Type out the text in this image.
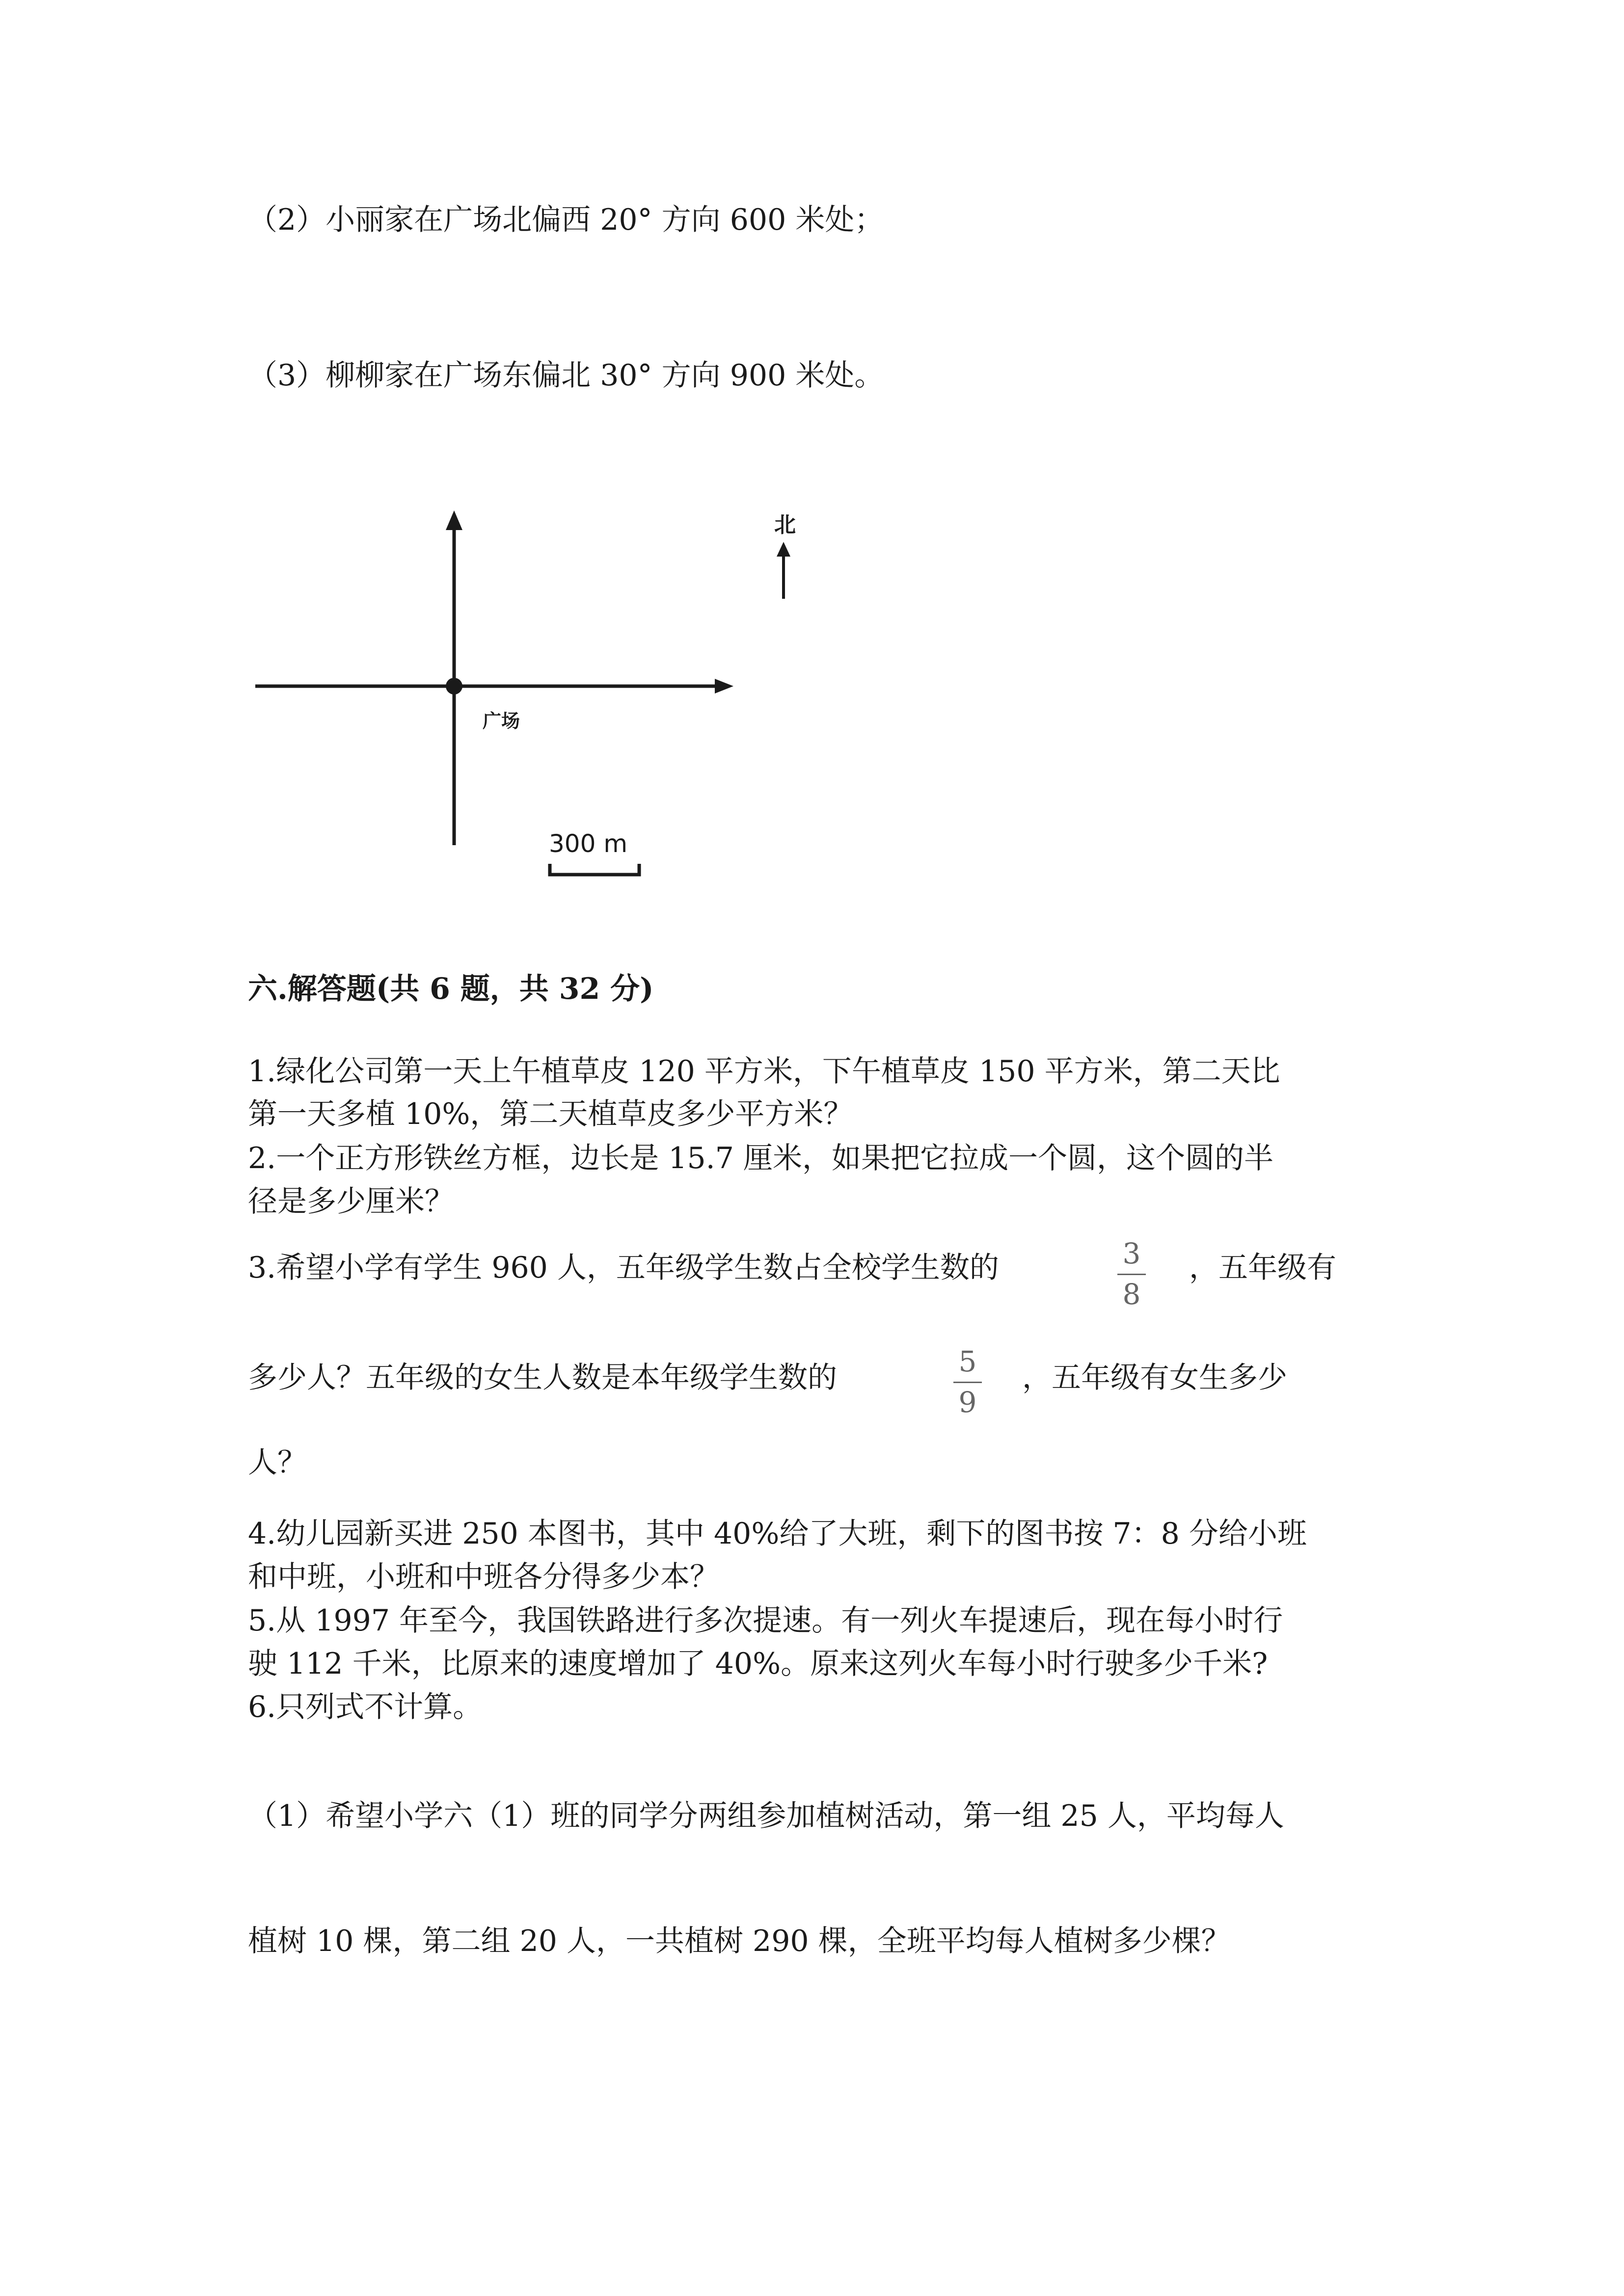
（2）小丽家在广场北偏西 20° 方向 600 米处；
（3）柳柳家在广场东偏北 30° 方向 900 米处。
广场
北
300 m
六.解答题(共 6 题，共 32 分)
1.绿化公司第一天上午植草皮 120 平方米，下午植草皮 150 平方米，第二天比
第一天多植 10%，第二天植草皮多少平方米？
2.一个正方形铁丝方框，边长是 15.7 厘米，如果把它拉成一个圆，这个圆的半
径是多少厘米？
3.希望小学有学生 960 人，五年级学生数占全校学生数的	3
8
，五年级有
多少人？五年级的女生人数是本年级学生数的	5
9
，五年级有女生多少
人？
4.幼儿园新买进 250 本图书，其中 40%给了大班，剩下的图书按 7：8 分给小班
和中班，小班和中班各分得多少本？
5.从 1997 年至今，我国铁路进行多次提速。有一列火车提速后，现在每小时行
驶 112 千米，比原来的速度增加了 40%。原来这列火车每小时行驶多少千米?
6.只列式不计算。
（1）希望小学六（1）班的同学分两组参加植树活动，第一组 25 人，平均每人
植树 10 棵，第二组 20 人，一共植树 290 棵，全班平均每人植树多少棵？
